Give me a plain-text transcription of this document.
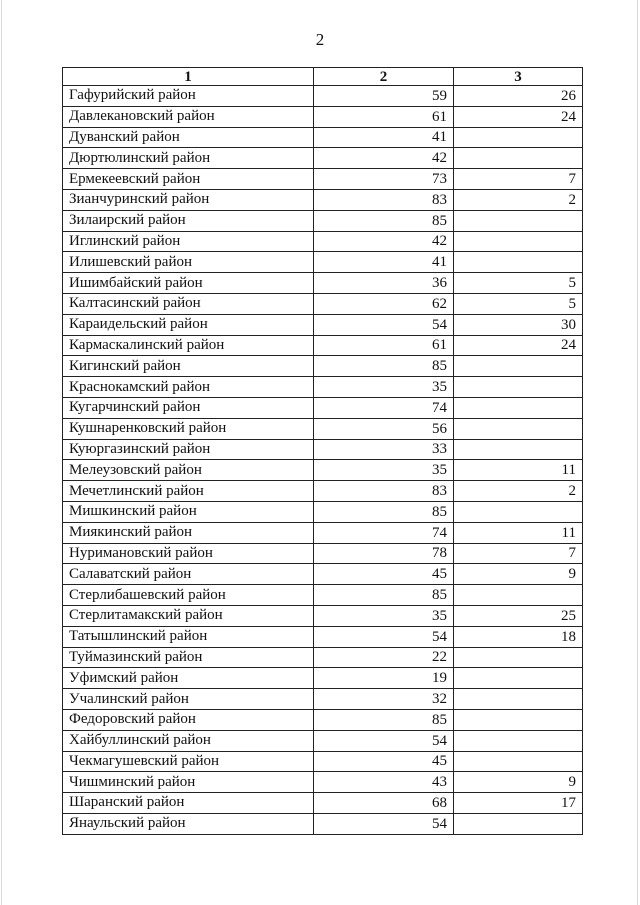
2
1	2	3
Гафурийский район	59	26
Давлекановский район	61	24
Дуванский район	41	
Дюртюлинский район	42	
Ермекеевский район	73	7
Зианчуринский район	83	2
Зилаирский район	85	
Иглинский район	42	
Илишевский район	41	
Ишимбайский район	36	5
Калтасинский район	62	5
Караидельский район	54	30
Кармаскалинский район	61	24
Кигинский район	85	
Краснокамский район	35	
Кугарчинский район	74	
Кушнаренковский район	56	
Куюргазинский район	33	
Мелеузовский район	35	11
Мечетлинский район	83	2
Мишкинский район	85	
Миякинский район	74	11
Нуримановский район	78	7
Салаватский район	45	9
Стерлибашевский район	85	
Стерлитамакский район	35	25
Татышлинский район	54	18
Туймазинский район	22	
Уфимский район	19	
Учалинский район	32	
Федоровский район	85	
Хайбуллинский район	54	
Чекмагушевский район	45	
Чишминский район	43	9
Шаранский район	68	17
Янаульский район	54	
